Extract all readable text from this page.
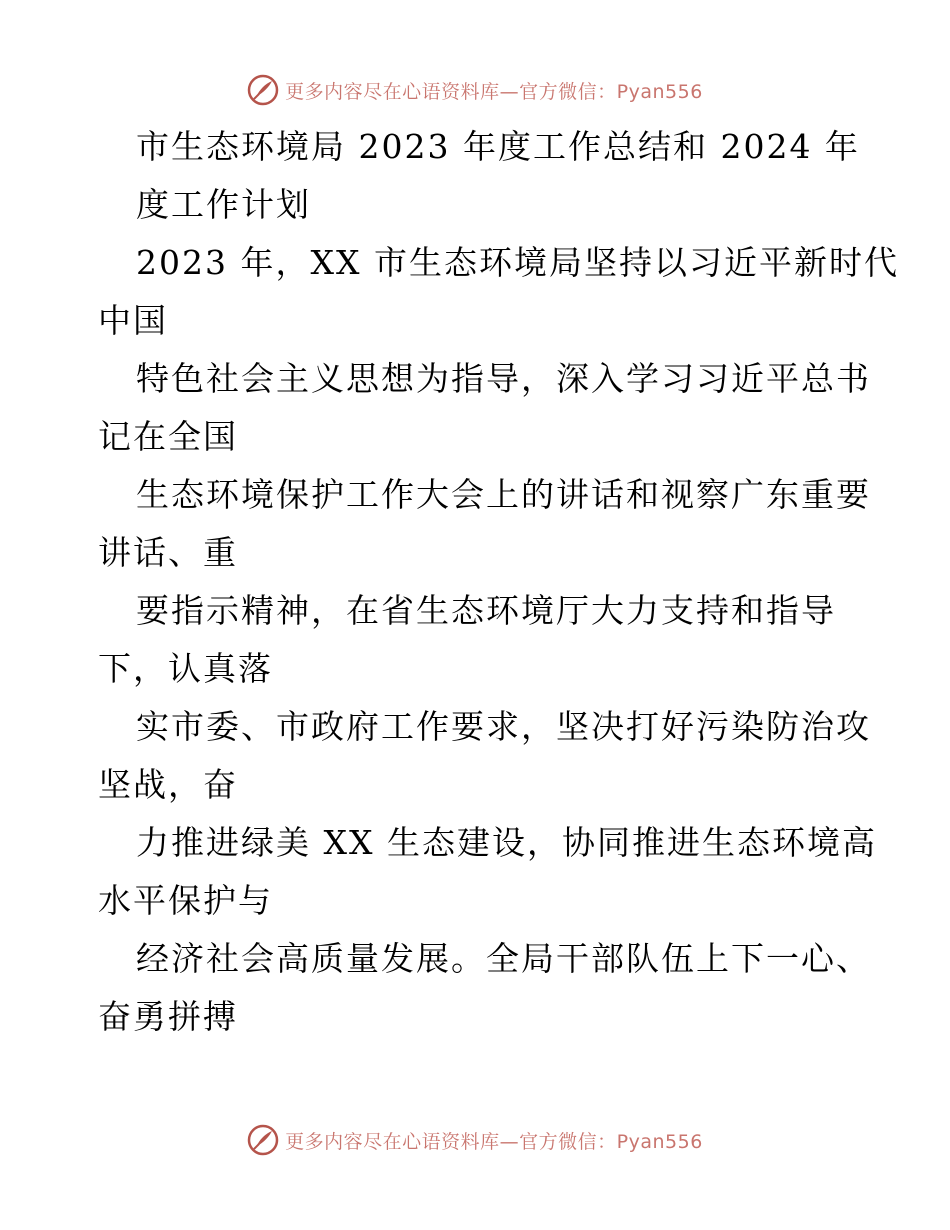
更多内容尽在心语资料库—官方微信：Pyan556
市生态环境局 2023 年度工作总结和 2024 年
度工作计划
2023 年，XX 市生态环境局坚持以习近平新时代
中国
特色社会主义思想为指导，深入学习习近平总书
记在全国
生态环境保护工作大会上的讲话和视察广东重要
讲话、重
要指示精神，在省生态环境厅大力支持和指导
下，认真落
实市委、市政府工作要求，坚决打好污染防治攻
坚战，奋
力推进绿美 XX 生态建设，协同推进生态环境高
水平保护与
经济社会高质量发展。全局干部队伍上下一心、
奋勇拼搏
更多内容尽在心语资料库—官方微信：Pyan556
